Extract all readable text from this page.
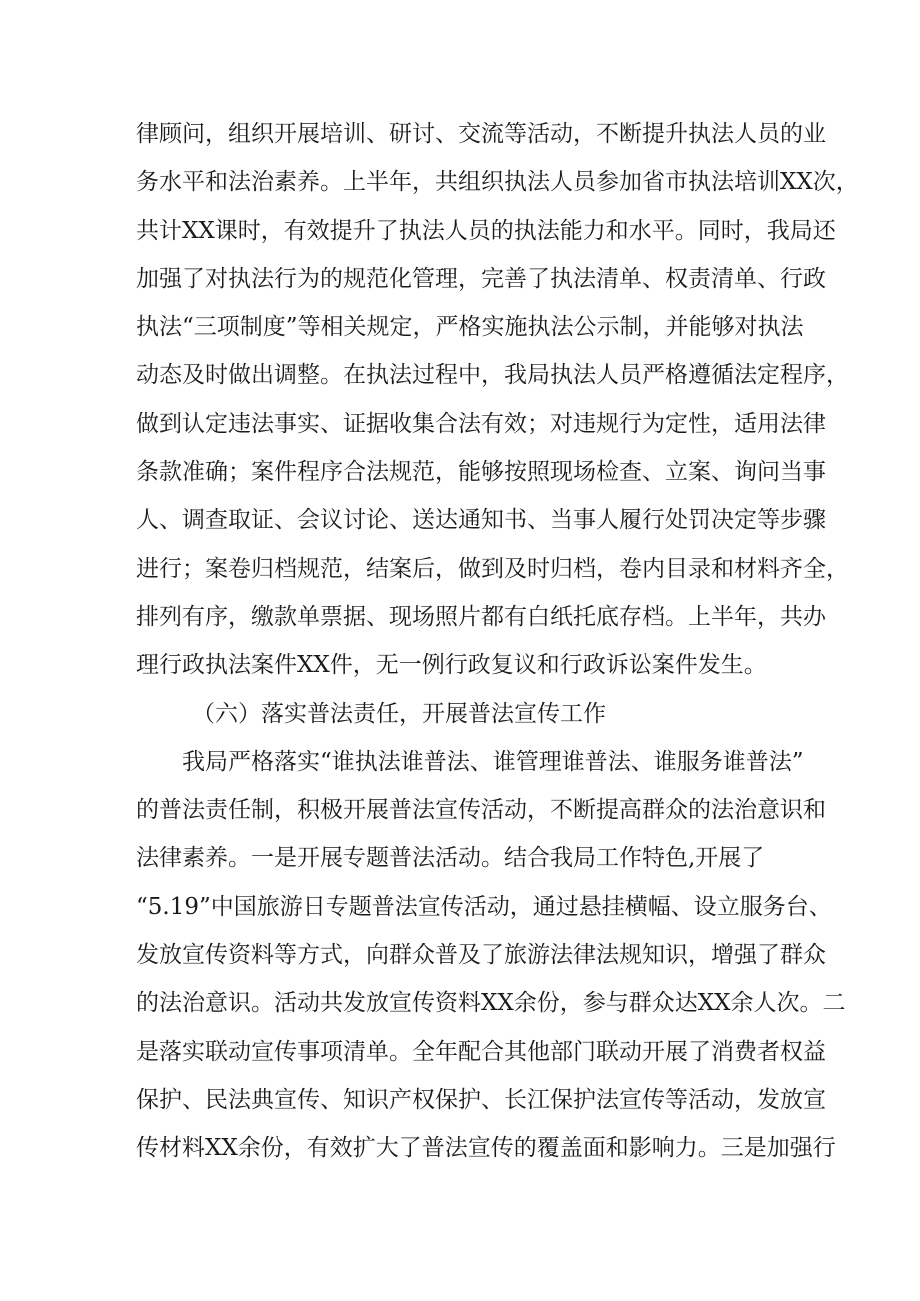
律顾问，组织开展培训、研讨、交流等活动，不断提升执法人员的业
务水平和法治素养。上半年，共组织执法人员参加省市执法培训XX次，
共计XX课时，有效提升了执法人员的执法能力和水平。同时，我局还
加强了对执法行为的规范化管理，完善了执法清单、权责清单、行政
执法“三项制度”等相关规定，严格实施执法公示制，并能够对执法
动态及时做出调整。在执法过程中，我局执法人员严格遵循法定程序，
做到认定违法事实、证据收集合法有效；对违规行为定性，适用法律
条款准确；案件程序合法规范，能够按照现场检查、立案、询问当事
人、调查取证、会议讨论、送达通知书、当事人履行处罚决定等步骤
进行；案卷归档规范，结案后，做到及时归档，卷内目录和材料齐全，
排列有序，缴款单票据、现场照片都有白纸托底存档。上半年，共办
理行政执法案件XX件，无一例行政复议和行政诉讼案件发生。
（六）落实普法责任，开展普法宣传工作
我局严格落实“谁执法谁普法、谁管理谁普法、谁服务谁普法”
的普法责任制，积极开展普法宣传活动，不断提高群众的法治意识和
法律素养。一是开展专题普法活动。结合我局工作特色,开展了
“5.19”中国旅游日专题普法宣传活动，通过悬挂横幅、设立服务台、
发放宣传资料等方式，向群众普及了旅游法律法规知识，增强了群众
的法治意识。活动共发放宣传资料XX余份，参与群众达XX余人次。二
是落实联动宣传事项清单。全年配合其他部门联动开展了消费者权益
保护、民法典宣传、知识产权保护、长江保护法宣传等活动，发放宣
传材料XX余份，有效扩大了普法宣传的覆盖面和影响力。三是加强行
